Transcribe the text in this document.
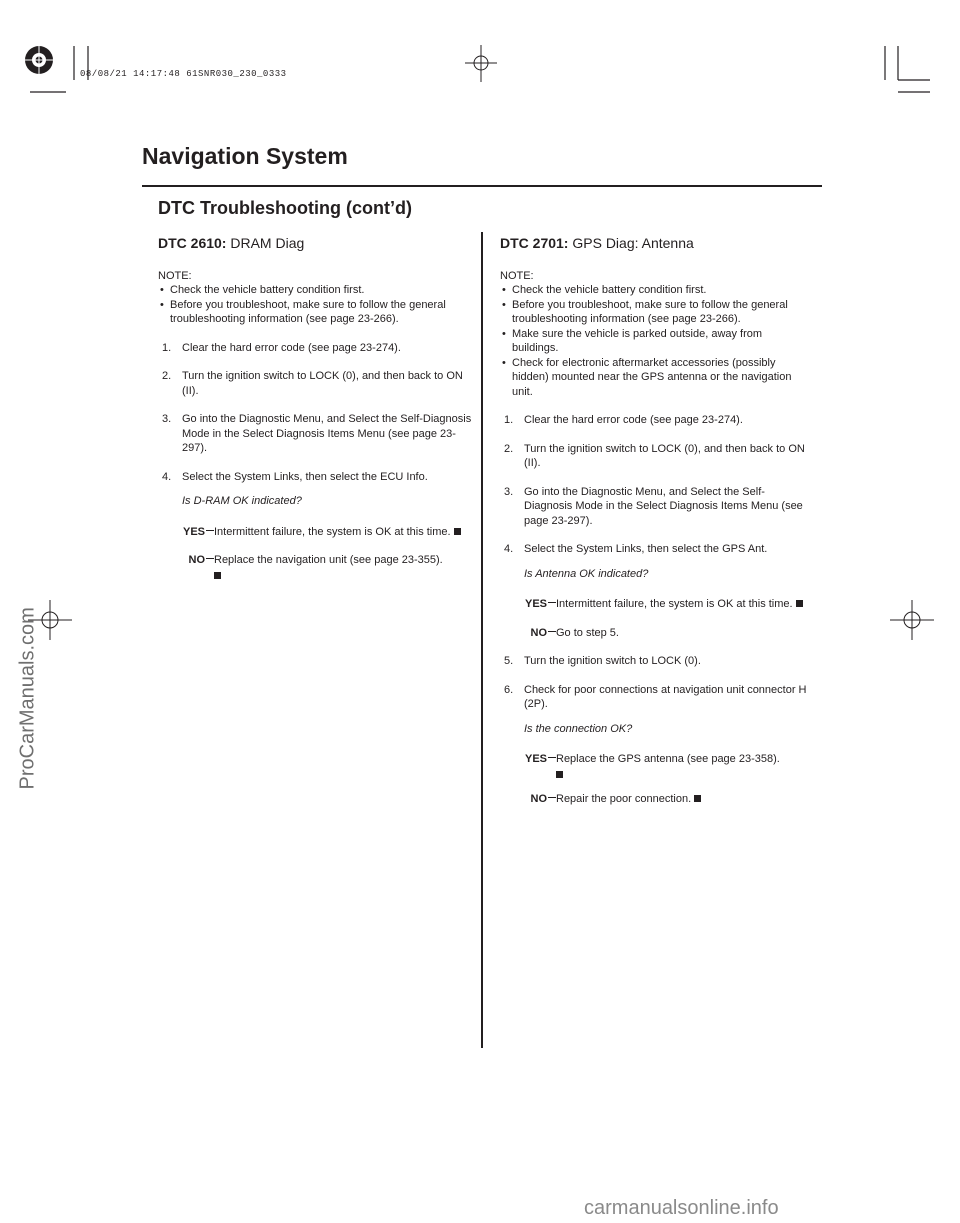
08/08/21 14:17:48 61SNR030_230_0333
Navigation System
DTC Troubleshooting (cont’d)
DTC 2610: DRAM Diag
NOTE:
• Check the vehicle battery condition first.
• Before you troubleshoot, make sure to follow the general troubleshooting information (see page 23-266).
1. Clear the hard error code (see page 23-274).
2. Turn the ignition switch to LOCK (0), and then back to ON (II).
3. Go into the Diagnostic Menu, and Select the Self-Diagnosis Mode in the Select Diagnosis Items Menu (see page 23-297).
4. Select the System Links, then select the ECU Info.
Is D-RAM OK indicated?
YES Intermittent failure, the system is OK at this time.
NO Replace the navigation unit (see page 23-355).
DTC 2701: GPS Diag: Antenna
NOTE:
• Check the vehicle battery condition first.
• Before you troubleshoot, make sure to follow the general troubleshooting information (see page 23-266).
• Make sure the vehicle is parked outside, away from buildings.
• Check for electronic aftermarket accessories (possibly hidden) mounted near the GPS antenna or the navigation unit.
1. Clear the hard error code (see page 23-274).
2. Turn the ignition switch to LOCK (0), and then back to ON (II).
3. Go into the Diagnostic Menu, and Select the Self-Diagnosis Mode in the Select Diagnosis Items Menu (see page 23-297).
4. Select the System Links, then select the GPS Ant.
Is Antenna OK indicated?
YES Intermittent failure, the system is OK at this time.
NO Go to step 5.
5. Turn the ignition switch to LOCK (0).
6. Check for poor connections at navigation unit connector H (2P).
Is the connection OK?
YES Replace the GPS antenna (see page 23-358).
NO Repair the poor connection.
ProCarManuals.com
carmanualsonline.info
